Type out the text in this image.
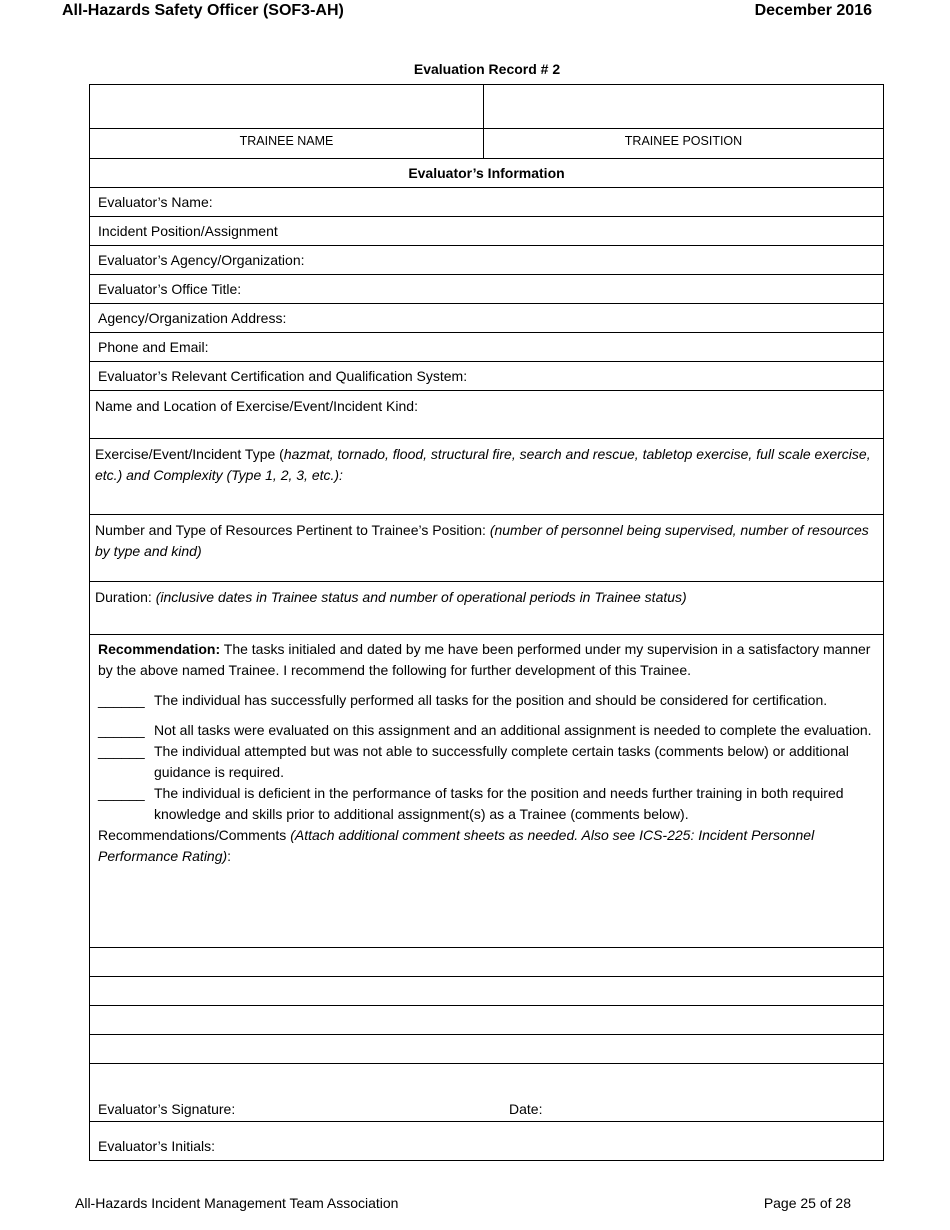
All-Hazards Safety Officer (SOF3-AH)	December 2016
Evaluation Record # 2
TRAINEE NAME	TRAINEE POSITION
Evaluator’s Information
Evaluator’s Name:
Incident Position/Assignment
Evaluator’s Agency/Organization:
Evaluator’s Office Title:
Agency/Organization Address:
Phone and Email:
Evaluator’s Relevant Certification and Qualification System:
Name and Location of Exercise/Event/Incident Kind:
Exercise/Event/Incident Type (hazmat, tornado, flood, structural fire, search and rescue, tabletop exercise, full scale exercise, etc.) and Complexity (Type 1, 2, 3, etc.):
Number and Type of Resources Pertinent to Trainee’s Position: (number of personnel being supervised, number of resources by type and kind)
Duration: (inclusive dates in Trainee status and number of operational periods in Trainee status)
Recommendation: The tasks initialed and dated by me have been performed under my supervision in a satisfactory manner by the above named Trainee. I recommend the following for further development of this Trainee.
______ The individual has successfully performed all tasks for the position and should be considered for certification.
______ Not all tasks were evaluated on this assignment and an additional assignment is needed to complete the evaluation.
______ The individual attempted but was not able to successfully complete certain tasks (comments below) or additional guidance is required.
______ The individual is deficient in the performance of tasks for the position and needs further training in both required knowledge and skills prior to additional assignment(s) as a Trainee (comments below).
Recommendations/Comments (Attach additional comment sheets as needed. Also see ICS-225: Incident Personnel Performance Rating):
Evaluator’s Signature:	Date:
Evaluator’s Initials:
All-Hazards Incident Management Team Association	Page 25 of 28
